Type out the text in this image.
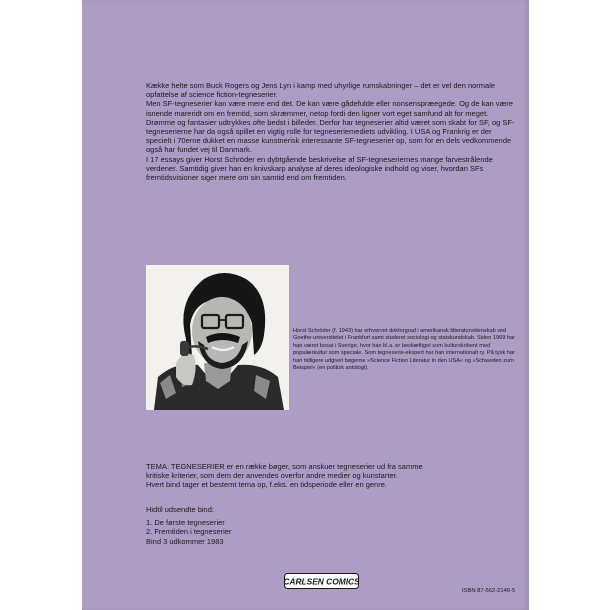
Kække helte som Buck Rogers og Jens Lyn i kamp med uhyrlige rumskabninger – det er vel den normale opfattelse af science fiction-tegneserier.

Men SF-tegneserier kan være mere end det. De kan være gådefulde eller nonsenspræegede. Og de kan være isnende mareridt om en fremtid, som skræmmer, netop fordi den ligner vort eget samfund alt for meget.

Drømme og fantasier udtrykkes ofte bedst i billeder. Derfor har tegneserier altid været som skabt for SF, og SF-tegneserierne har da også spillet en vigtig rolle for tegneseriemediets udvikling. I USA og Frankrig er der specielt i 70erne dukket en masse kunstnerisk interessante SF-tegneserier op, som for en dels vedkommende også har fundet vej til Danmark.

I 17 essays giver Horst Schröder en dybtgående beskrivelse af SF-tegneseriernes mange farvestrålende verdener. Samtidig giver han en knivskarp analyse af deres ideologiske indhold og viser, hvordan SFs fremtidsvisioner siger mere om sin samtid end om fremtiden.

Horst Schröder (f. 1943) har erhvervet doktorgrad i amerikansk litteraturvidenskab ved Goethe-universitetet i Frankfurt samt studeret sociologi og statskundskab. Siden 1969 har han været bosat i Sverige, hvor han bl.a. er beskæftiget som kulturskribent med populærkultur som speciale. Som tegneserie-ekspert har han internationalt ry. På tysk har han tidligere udgivet bøgerne »Science Fiction Literatur in den USA« og »Schweden zum Beispiel« (en politisk antologi).

TEMA: TEGNESERIER er en række bøger, som anskuer tegneserier ud fra samme

kritiske kriterier, som dem der anvendes overfor andre medier og kunstarter.

Hvert bind tager et bestemt tema op, f.eks. en tidsperiode eller en genre.

Hidtil udsendte bind:
1. De første tegneserier
2. Fremtiden i tegneserier
Bind 3 udkommer 1983
CARLSEN COMICS
ISBN 87-562-2149-5
